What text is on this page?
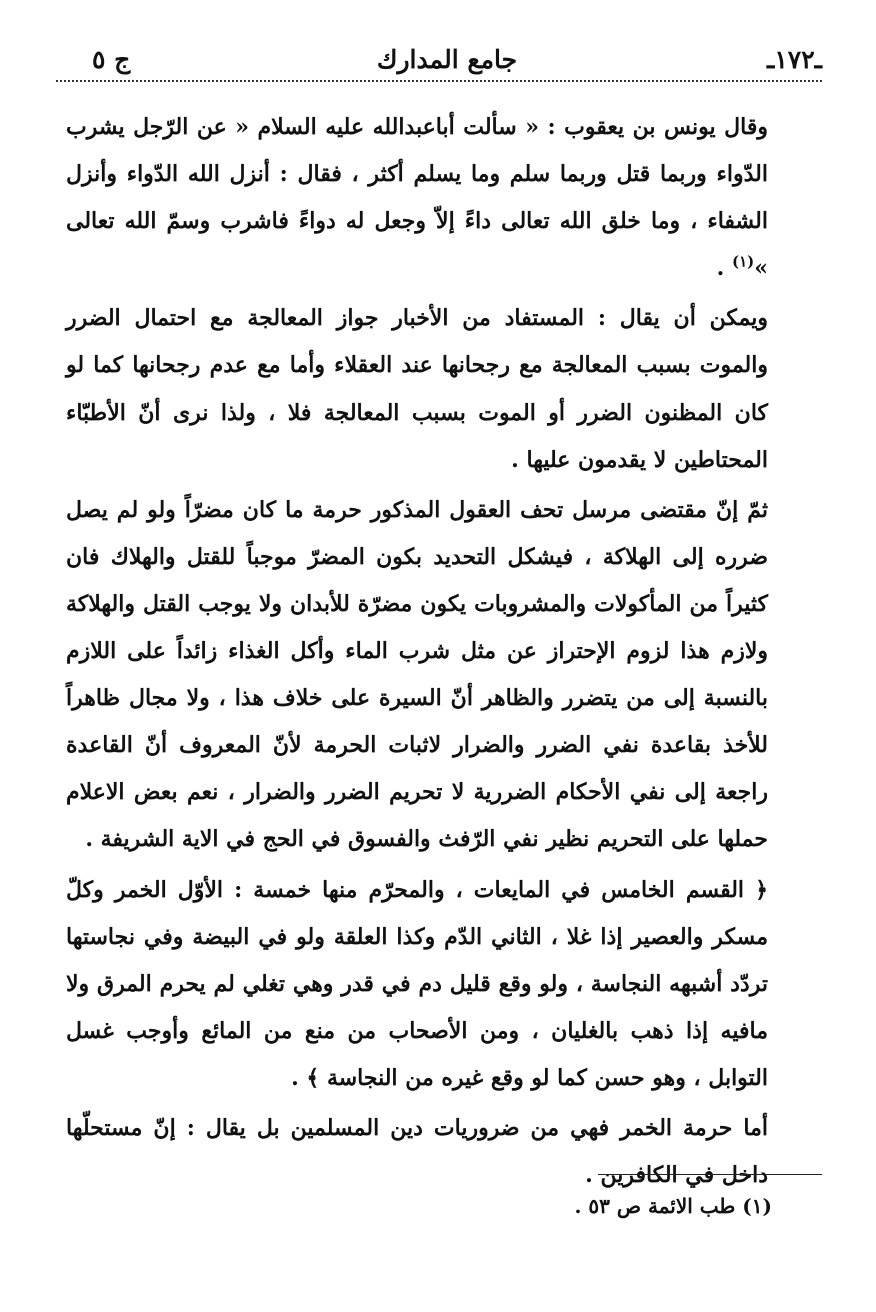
ـ١٧٢ـ
جامع المدارك
ج ٥

وقال يونس بن يعقوب : « سألت أباعبدالله عليه السلام « عن الرّجل يشرب الدّواء وربما قتل وربما سلم وما يسلم أكثر ، فقال : أنزل الله الدّواء وأنزل الشفاء ، وما خلق الله تعالى داءً إلاّ وجعل له دواءً فاشرب وسمّ الله تعالى »$^{(١)}$ .

ويمكن أن يقال : المستفاد من الأخبار جواز المعالجة مع احتمال الضرر والموت بسبب المعالجة مع رجحانها عند العقلاء وأما مع عدم رجحانها كما لو كان المظنون الضرر أو الموت بسبب المعالجة فلا ، ولذا نرى أنّ الأطبّاء المحتاطين لا يقدمون عليها .

ثمّ إنّ مقتضى مرسل تحف العقول المذكور حرمة ما كان مضرّاً ولو لم يصل ضرره إلى الهلاكة ، فيشكل التحديد بكون المضرّ موجباً للقتل والهلاك فان كثيراً من المأكولات والمشروبات يكون مضرّة للأبدان ولا يوجب القتل والهلاكة ولازم هذا لزوم الإحتراز عن مثل شرب الماء وأكل الغذاء زائداً على اللازم بالنسبة إلى من يتضرر والظاهر أنّ السيرة على خلاف هذا ، ولا مجال ظاهراً للأخذ بقاعدة نفي الضرر والضرار لاثبات الحرمة لأنّ المعروف أنّ القاعدة راجعة إلى نفي الأحكام الضررية لا تحريم الضرر والضرار ، نعم بعض الاعلام حملها على التحريم نظير نفي الرّفث والفسوق في الحج في الاية الشريفة .

﴿ القسم الخامس في المايعات ، والمحرّم منها خمسة : الأوّل الخمر وكلّ مسكر والعصير إذا غلا ، الثاني الدّم وكذا العلقة ولو في البيضة وفي نجاستها تردّد أشبهه النجاسة ، ولو وقع قليل دم في قدر وهي تغلي لم يحرم المرق ولا مافيه إذا ذهب بالغليان ، ومن الأصحاب من منع من المائع وأوجب غسل التوابل ، وهو حسن كما لو وقع غيره من النجاسة ﴾ .

أما حرمة الخمر فهي من ضروريات دين المسلمين بل يقال : إنّ مستحلّها داخل في الكافرين .

(١) طب الائمة ص ٥٣ .
